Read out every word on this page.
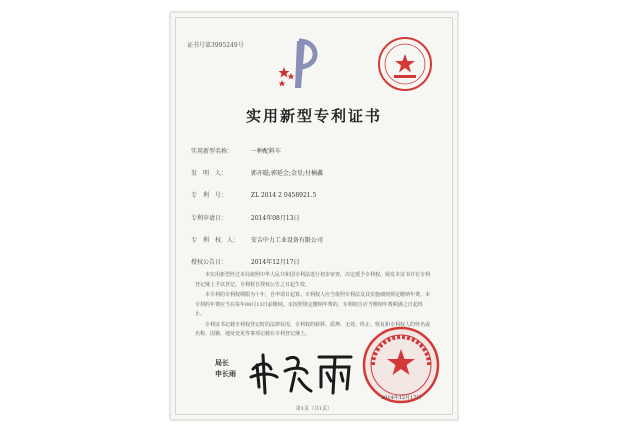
证书号第3995249号
实用新型专利证书
实用新型名称：	一种配料车
发　明　人：	郭亦聪;郭延会;金星;付楠鑫
专　利　号：	ZL 2014 2 0458921.5
专利申请日：	2014年08月13日
专　利　权　人： 安吉中力工业设备有限公司
授权公告日：	2014年12月17日

本实用新型经过本局依照中华人民共和国专利法进行初步审查，决定授予专利权，颁发本证书并在专利登记簿上予以登记。专利权自授权公告之日起生效。

本专利的专利权期限为十年，自申请日起算。专利权人应当依照专利法及其实施细则规定缴纳年费。本专利的年费应当在每年08月13日前缴纳。未按照规定缴纳年费的，专利权自应当缴纳年费期满之日起终止。

专利证书记载专利权登记时的法律状况。专利权的转移、质押、无效、终止、恢复和专利权人的姓名或名称、国籍、地址变更等事项记载在专利登记簿上。

局长
申长雨
2014年12月17日
第1页（共1页）
